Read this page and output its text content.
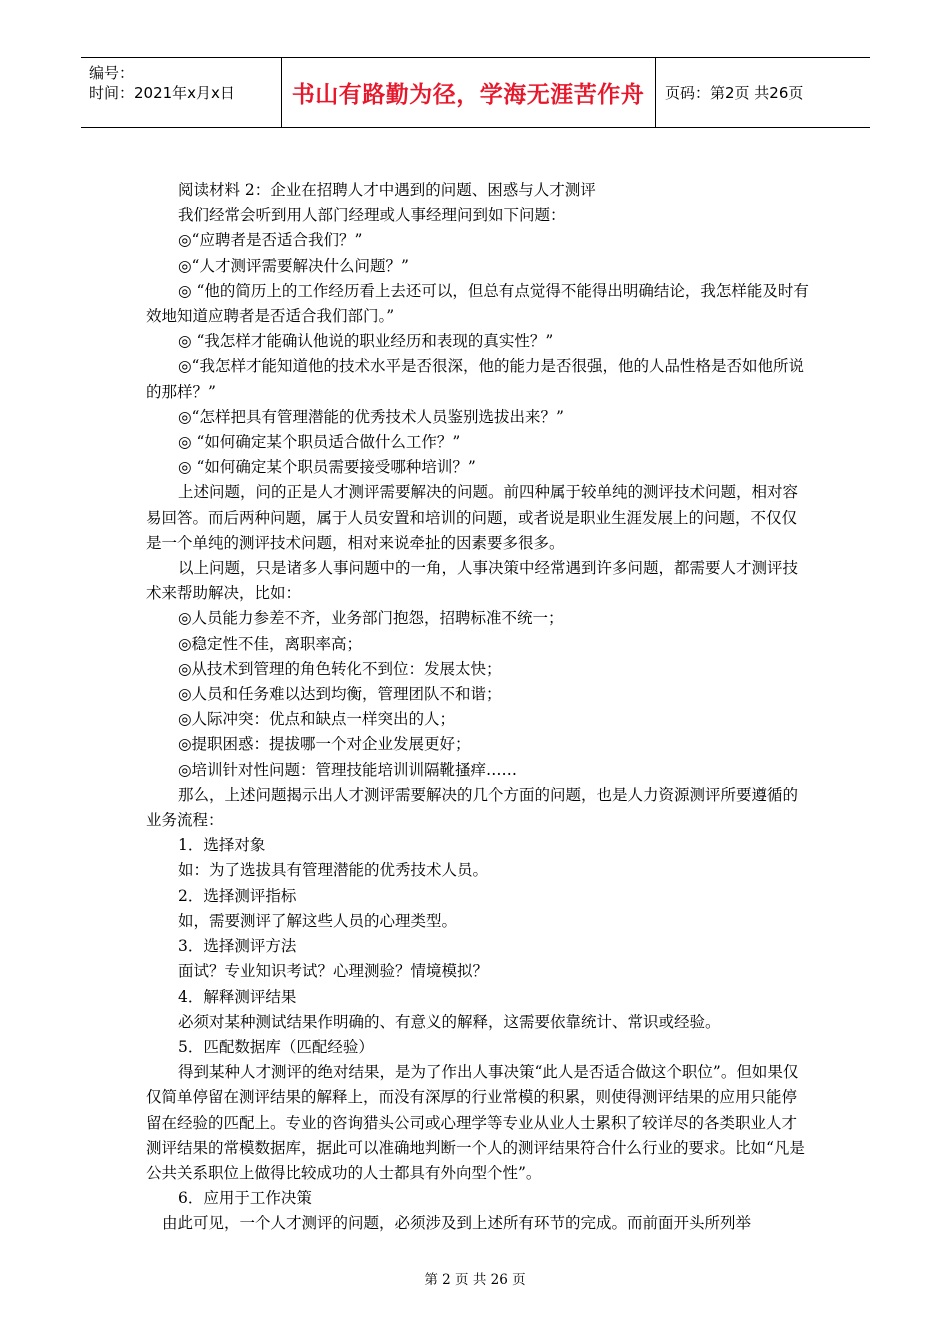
编号：
时间：2021年x月x日	书山有路勤为径，学海无涯苦作舟	页码：第2页 共26页

阅读材料 2：企业在招聘人才中遇到的问题、困惑与人才测评

我们经常会听到用人部门经理或人事经理问到如下问题：

◎“应聘者是否适合我们？”

◎“人才测评需要解决什么问题？”

◎ “他的简历上的工作经历看上去还可以，但总有点觉得不能得出明确结论，我怎样能及时有效地知道应聘者是否适合我们部门。”

◎ “我怎样才能确认他说的职业经历和表现的真实性？”

◎“我怎样才能知道他的技术水平是否很深，他的能力是否很强，他的人品性格是否如他所说的那样？”

◎“怎样把具有管理潜能的优秀技术人员鉴别选拔出来？”

◎ “如何确定某个职员适合做什么工作？”

◎ “如何确定某个职员需要接受哪种培训？”

上述问题，问的正是人才测评需要解决的问题。前四种属于较单纯的测评技术问题，相对容易回答。而后两种问题，属于人员安置和培训的问题，或者说是职业生涯发展上的问题，不仅仅是一个单纯的测评技术问题，相对来说牵扯的因素要多很多。

以上问题，只是诸多人事问题中的一角，人事决策中经常遇到许多问题，都需要人才测评技术来帮助解决，比如：

◎人员能力参差不齐，业务部门抱怨，招聘标准不统一；

◎稳定性不佳，离职率高；

◎从技术到管理的角色转化不到位：发展太快；

◎人员和任务难以达到均衡，管理团队不和谐；

◎人际冲突：优点和缺点一样突出的人；

◎提职困惑：提拔哪一个对企业发展更好；

◎培训针对性问题：管理技能培训训隔靴搔痒……

那么，上述问题揭示出人才测评需要解决的几个方面的问题，也是人力资源测评所要遵循的业务流程：

1．选择对象

如：为了选拔具有管理潜能的优秀技术人员。

2．选择测评指标

如，需要测评了解这些人员的心理类型。

3．选择测评方法

面试？专业知识考试？心理测验？情境模拟？

4．解释测评结果

必须对某种测试结果作明确的、有意义的解释，这需要依靠统计、常识或经验。

5．匹配数据库（匹配经验）

得到某种人才测评的绝对结果，是为了作出人事决策“此人是否适合做这个职位”。但如果仅仅简单停留在测评结果的解释上，而没有深厚的行业常模的积累，则使得测评结果的应用只能停留在经验的匹配上。专业的咨询猎头公司或心理学等专业从业人士累积了较详尽的各类职业人才测评结果的常模数据库，据此可以准确地判断一个人的测评结果符合什么行业的要求。比如“凡是公共关系职位上做得比较成功的人士都具有外向型个性”。

6．应用于工作决策

由此可见，一个人才测评的问题，必须涉及到上述所有环节的完成。而前面开头所列举

第 2 页 共 26 页
